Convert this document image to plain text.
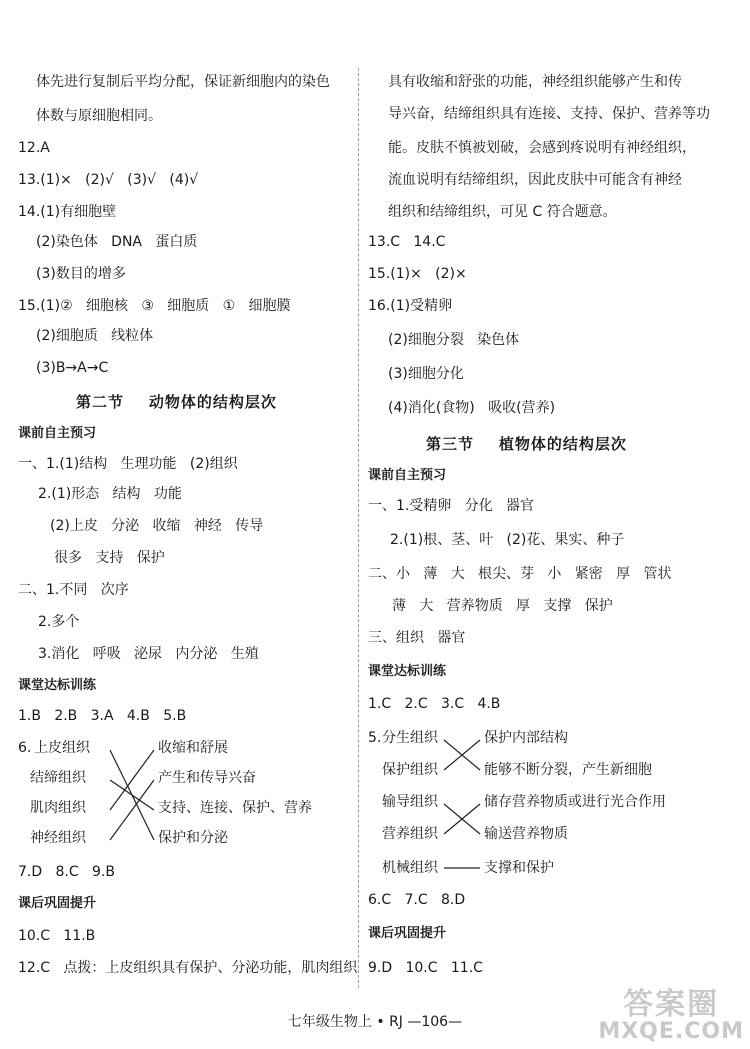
体先进行复制后平均分配，保证新细胞内的染色
体数与原细胞相同。
12.A
13.(1)×   (2)√   (3)√   (4)√
14.(1)有细胞壁
(2)染色体   DNA   蛋白质
(3)数目的增多
15.(1)②   细胞核   ③   细胞质   ①   细胞膜
(2)细胞质   线粒体
(3)B→A→C
第二节    动物体的结构层次
课前自主预习
一、1.(1)结构   生理功能   (2)组织
2.(1)形态   结构   功能
(2)上皮   分泌   收缩   神经   传导
很多   支持   保护
二、1.不同   次序
2.多个
3.消化   呼吸   泌尿   内分泌   生殖
课堂达标训练
1.B   2.B   3.A   4.B   5.B
6. 上皮组织
结缔组织
肌肉组织
神经组织
收缩和舒展
产生和传导兴奋
支持、连接、保护、营养
保护和分泌
7.D   8.C   9.B
课后巩固提升
10.C   11.B
12.C   点拨：上皮组织具有保护、分泌功能，肌肉组织
具有收缩和舒张的功能，神经组织能够产生和传
导兴奋，结缔组织具有连接、支持、保护、营养等功
能。皮肤不慎被划破，会感到疼说明有神经组织，
流血说明有结缔组织，因此皮肤中可能含有神经
组织和结缔组织，可见 C 符合题意。
13.C   14.C
15.(1)×   (2)×
16.(1)受精卵
(2)细胞分裂   染色体
(3)细胞分化
(4)消化(食物)   吸收(营养)
第三节    植物体的结构层次
课前自主预习
一、1.受精卵   分化   器官
2.(1)根、茎、叶   (2)花、果实、种子
二、小   薄   大   根尖、芽   小   紧密   厚   管状
薄   大   营养物质   厚   支撑   保护
三、组织   器官
课堂达标训练
1.C   2.C   3.C   4.B
5. 分生组织
保护组织
输导组织
营养组织
机械组织
保护内部结构
能够不断分裂，产生新细胞
储存营养物质或进行光合作用
输送营养物质
支撑和保护
6.C   7.C   8.D
课后巩固提升
9.D   10.C   11.C
七年级生物上 • RJ —106—	答案圈
MXQE.COM
